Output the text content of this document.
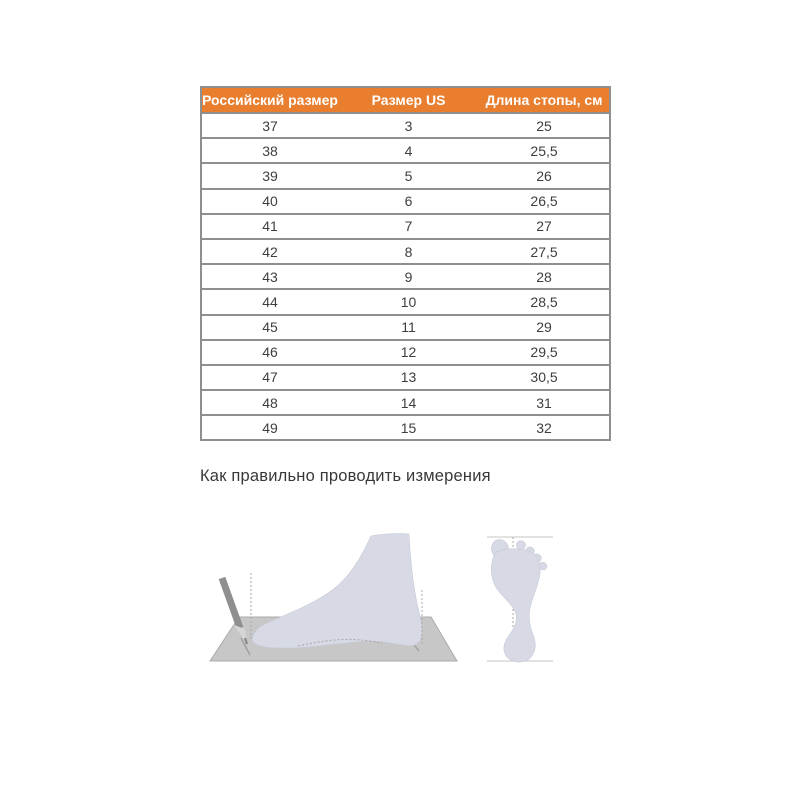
Российский размер	Размер US	Длина стопы, см
37	3	25
38	4	25,5
39	5	26
40	6	26,5
41	7	27
42	8	27,5
43	9	28
44	10	28,5
45	11	29
46	12	29,5
47	13	30,5
48	14	31
49	15	32
Как правильно проводить измерения
